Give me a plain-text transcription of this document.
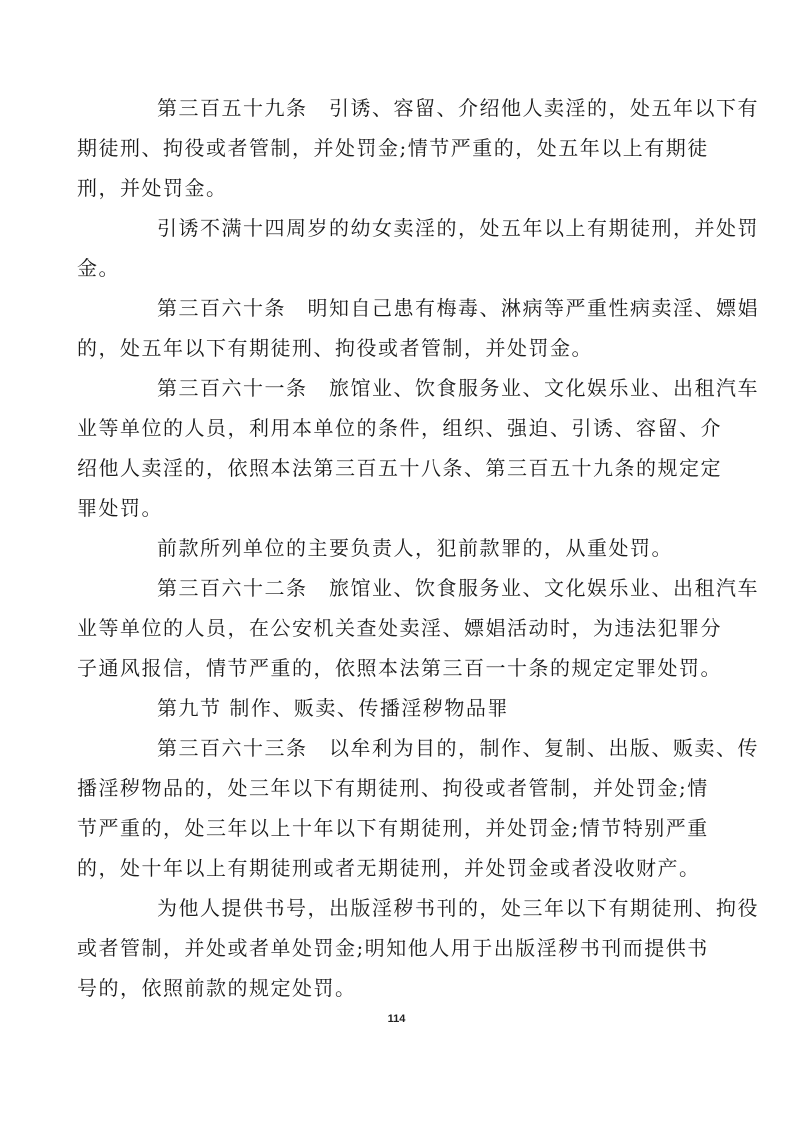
第三百五十九条　引诱、容留、介绍他人卖淫的，处五年以下有
期徒刑、拘役或者管制，并处罚金;情节严重的，处五年以上有期徒
刑，并处罚金。

引诱不满十四周岁的幼女卖淫的，处五年以上有期徒刑，并处罚
金。

第三百六十条　明知自己患有梅毒、淋病等严重性病卖淫、嫖娼
的，处五年以下有期徒刑、拘役或者管制，并处罚金。

第三百六十一条　旅馆业、饮食服务业、文化娱乐业、出租汽车
业等单位的人员，利用本单位的条件，组织、强迫、引诱、容留、介
绍他人卖淫的，依照本法第三百五十八条、第三百五十九条的规定定
罪处罚。

前款所列单位的主要负责人，犯前款罪的，从重处罚。

第三百六十二条　旅馆业、饮食服务业、文化娱乐业、出租汽车
业等单位的人员，在公安机关查处卖淫、嫖娼活动时，为违法犯罪分
子通风报信，情节严重的，依照本法第三百一十条的规定定罪处罚。

第九节 制作、贩卖、传播淫秽物品罪

第三百六十三条　以牟利为目的，制作、复制、出版、贩卖、传
播淫秽物品的，处三年以下有期徒刑、拘役或者管制，并处罚金;情
节严重的，处三年以上十年以下有期徒刑，并处罚金;情节特别严重
的，处十年以上有期徒刑或者无期徒刑，并处罚金或者没收财产。

为他人提供书号，出版淫秽书刊的，处三年以下有期徒刑、拘役
或者管制，并处或者单处罚金;明知他人用于出版淫秽书刊而提供书
号的，依照前款的规定处罚。

114
